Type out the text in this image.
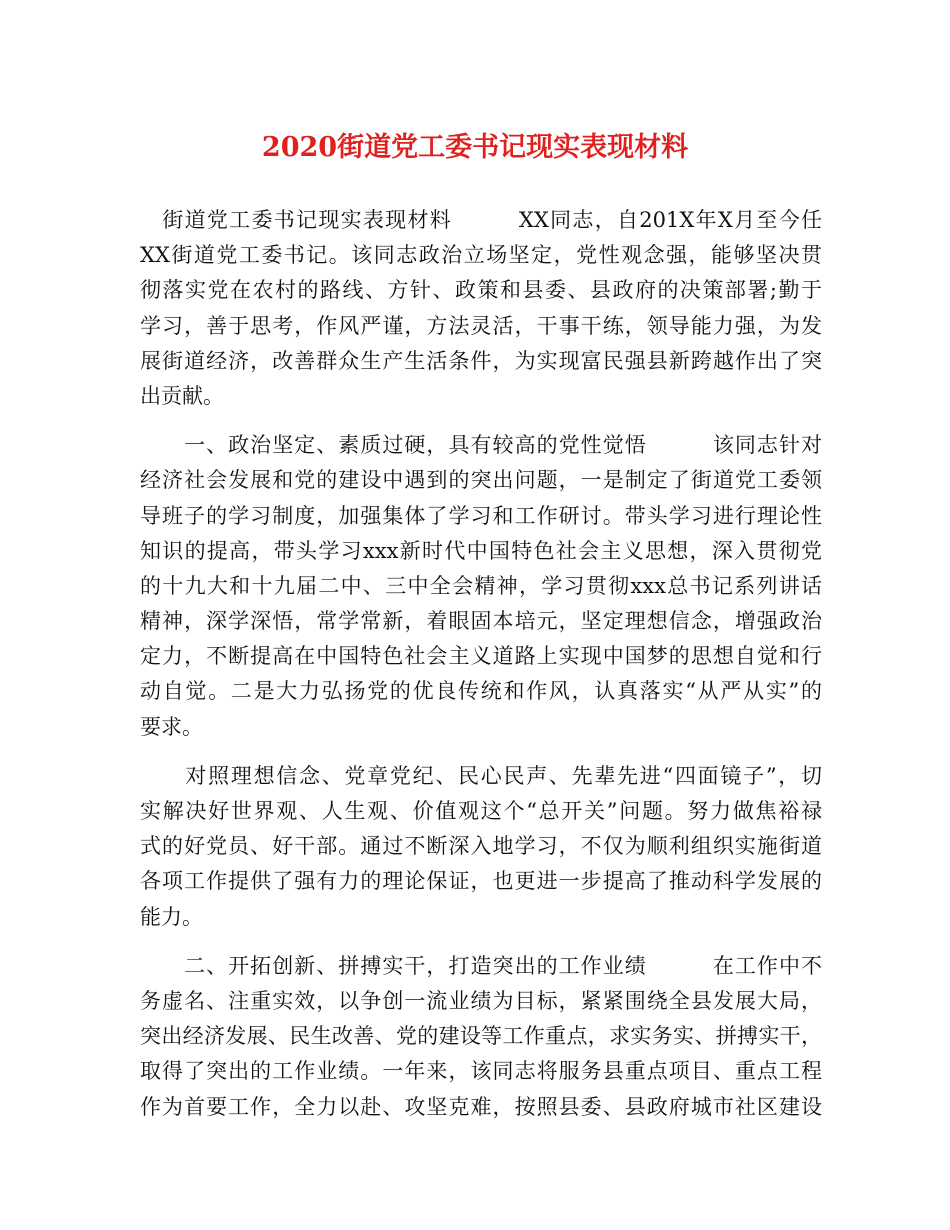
2020街道党工委书记现实表现材料
　街道党工委书记现实表现材料　　　XX同志，自201X年X月至今任
XX街道党工委书记。该同志政治立场坚定，党性观念强，能够坚决贯
彻落实党在农村的路线、方针、政策和县委、县政府的决策部署;勤于
学习，善于思考，作风严谨，方法灵活，干事干练，领导能力强，为发
展街道经济，改善群众生产生活条件，为实现富民强县新跨越作出了突
出贡献。
　　一、政治坚定、素质过硬，具有较高的党性觉悟　　　该同志针对
经济社会发展和党的建设中遇到的突出问题，一是制定了街道党工委领
导班子的学习制度，加强集体了学习和工作研讨。带头学习进行理论性
知识的提高，带头学习xxx新时代中国特色社会主义思想，深入贯彻党
的十九大和十九届二中、三中全会精神，学习贯彻xxx总书记系列讲话
精神，深学深悟，常学常新，着眼固本培元，坚定理想信念，增强政治
定力，不断提高在中国特色社会主义道路上实现中国梦的思想自觉和行
动自觉。二是大力弘扬党的优良传统和作风，认真落实“从严从实”的
要求。
　　对照理想信念、党章党纪、民心民声、先辈先进“四面镜子”，切
实解决好世界观、人生观、价值观这个“总开关”问题。努力做焦裕禄
式的好党员、好干部。通过不断深入地学习，不仅为顺利组织实施街道
各项工作提供了强有力的理论保证，也更进一步提高了推动科学发展的
能力。
　　二、开拓创新、拼搏实干，打造突出的工作业绩　　　在工作中不
务虚名、注重实效，以争创一流业绩为目标，紧紧围绕全县发展大局，
突出经济发展、民生改善、党的建设等工作重点，求实务实、拼搏实干，
取得了突出的工作业绩。一年来，该同志将服务县重点项目、重点工程
作为首要工作，全力以赴、攻坚克难，按照县委、县政府城市社区建设
